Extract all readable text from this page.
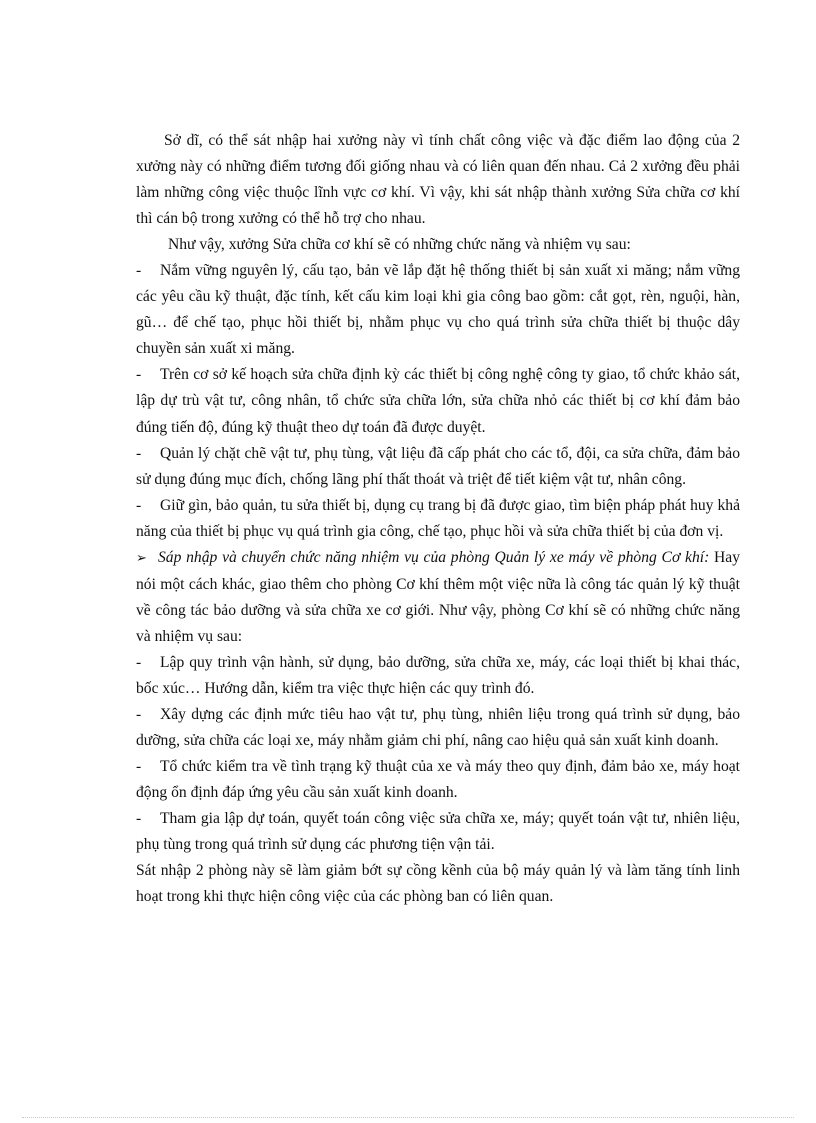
Sở dĩ, có thể sát nhập hai xưởng này vì tính chất công việc và đặc điểm lao động của 2 xưởng này có những điểm tương đối giống nhau và có liên quan đến nhau. Cả 2 xưởng đều phải làm những công việc thuộc lĩnh vực cơ khí. Vì vậy, khi sát nhập thành xưởng Sửa chữa cơ khí thì cán bộ trong xưởng có thể hỗ trợ cho nhau.

Như vậy, xưởng Sửa chữa cơ khí sẽ có những chức năng và nhiệm vụ sau:

- Nắm vững nguyên lý, cấu tạo, bản vẽ lắp đặt hệ thống thiết bị sản xuất xi măng; nắm vững các yêu cầu kỹ thuật, đặc tính, kết cấu kim loại khi gia công bao gồm: cắt gọt, rèn, nguội, hàn, gũ… để chế tạo, phục hồi thiết bị, nhằm phục vụ cho quá trình sửa chữa thiết bị thuộc dây chuyền sản xuất xi măng.

- Trên cơ sở kế hoạch sửa chữa định kỳ các thiết bị công nghệ công ty giao, tổ chức khảo sát, lập dự trù vật tư, công nhân, tổ chức sửa chữa lớn, sửa chữa nhỏ các thiết bị cơ khí đảm bảo đúng tiến độ, đúng kỹ thuật theo dự toán đã được duyệt.

- Quản lý chặt chẽ vật tư, phụ tùng, vật liệu đã cấp phát cho các tổ, đội, ca sửa chữa, đảm bảo sử dụng đúng mục đích, chống lãng phí thất thoát và triệt để tiết kiệm vật tư, nhân công.

- Giữ gìn, bảo quản, tu sửa thiết bị, dụng cụ trang bị đã được giao, tìm biện pháp phát huy khả năng của thiết bị phục vụ quá trình gia công, chế tạo, phục hồi và sửa chữa thiết bị của đơn vị.

➢ Sáp nhập và chuyển chức năng nhiệm vụ của phòng Quản lý xe máy về phòng Cơ khí: Hay nói một cách khác, giao thêm cho phòng Cơ khí thêm một việc nữa là công tác quản lý kỹ thuật về công tác bảo dưỡng và sửa chữa xe cơ giới. Như vậy, phòng Cơ khí sẽ có những chức năng và nhiệm vụ sau:

- Lập quy trình vận hành, sử dụng, bảo dưỡng, sửa chữa xe, máy, các loại thiết bị khai thác, bốc xúc… Hướng dẫn, kiểm tra việc thực hiện các quy trình đó.

- Xây dựng các định mức tiêu hao vật tư, phụ tùng, nhiên liệu trong quá trình sử dụng, bảo dưỡng, sửa chữa các loại xe, máy nhằm giảm chi phí, nâng cao hiệu quả sản xuất kinh doanh.

- Tổ chức kiểm tra về tình trạng kỹ thuật của xe và máy theo quy định, đảm bảo xe, máy hoạt động ổn định đáp ứng yêu cầu sản xuất kinh doanh.

- Tham gia lập dự toán, quyết toán công việc sửa chữa xe, máy; quyết toán vật tư, nhiên liệu, phụ tùng trong quá trình sử dụng các phương tiện vận tải.

Sát nhập 2 phòng này sẽ làm giảm bớt sự cồng kềnh của bộ máy quản lý và làm tăng tính linh hoạt trong khi thực hiện công việc của các phòng ban có liên quan.
